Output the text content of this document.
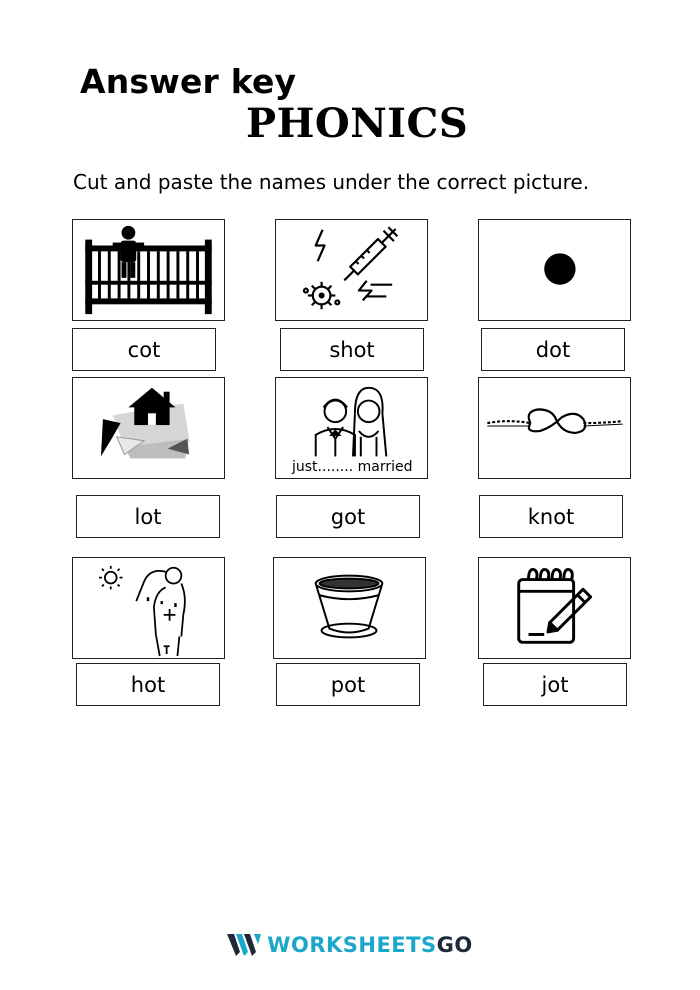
Answer key
PHONICS
Cut and paste the names under the correct picture.
cot	shot	dot
lot
just........ married
got	knot
hot	pot	jot
WORKSHEETSGO
